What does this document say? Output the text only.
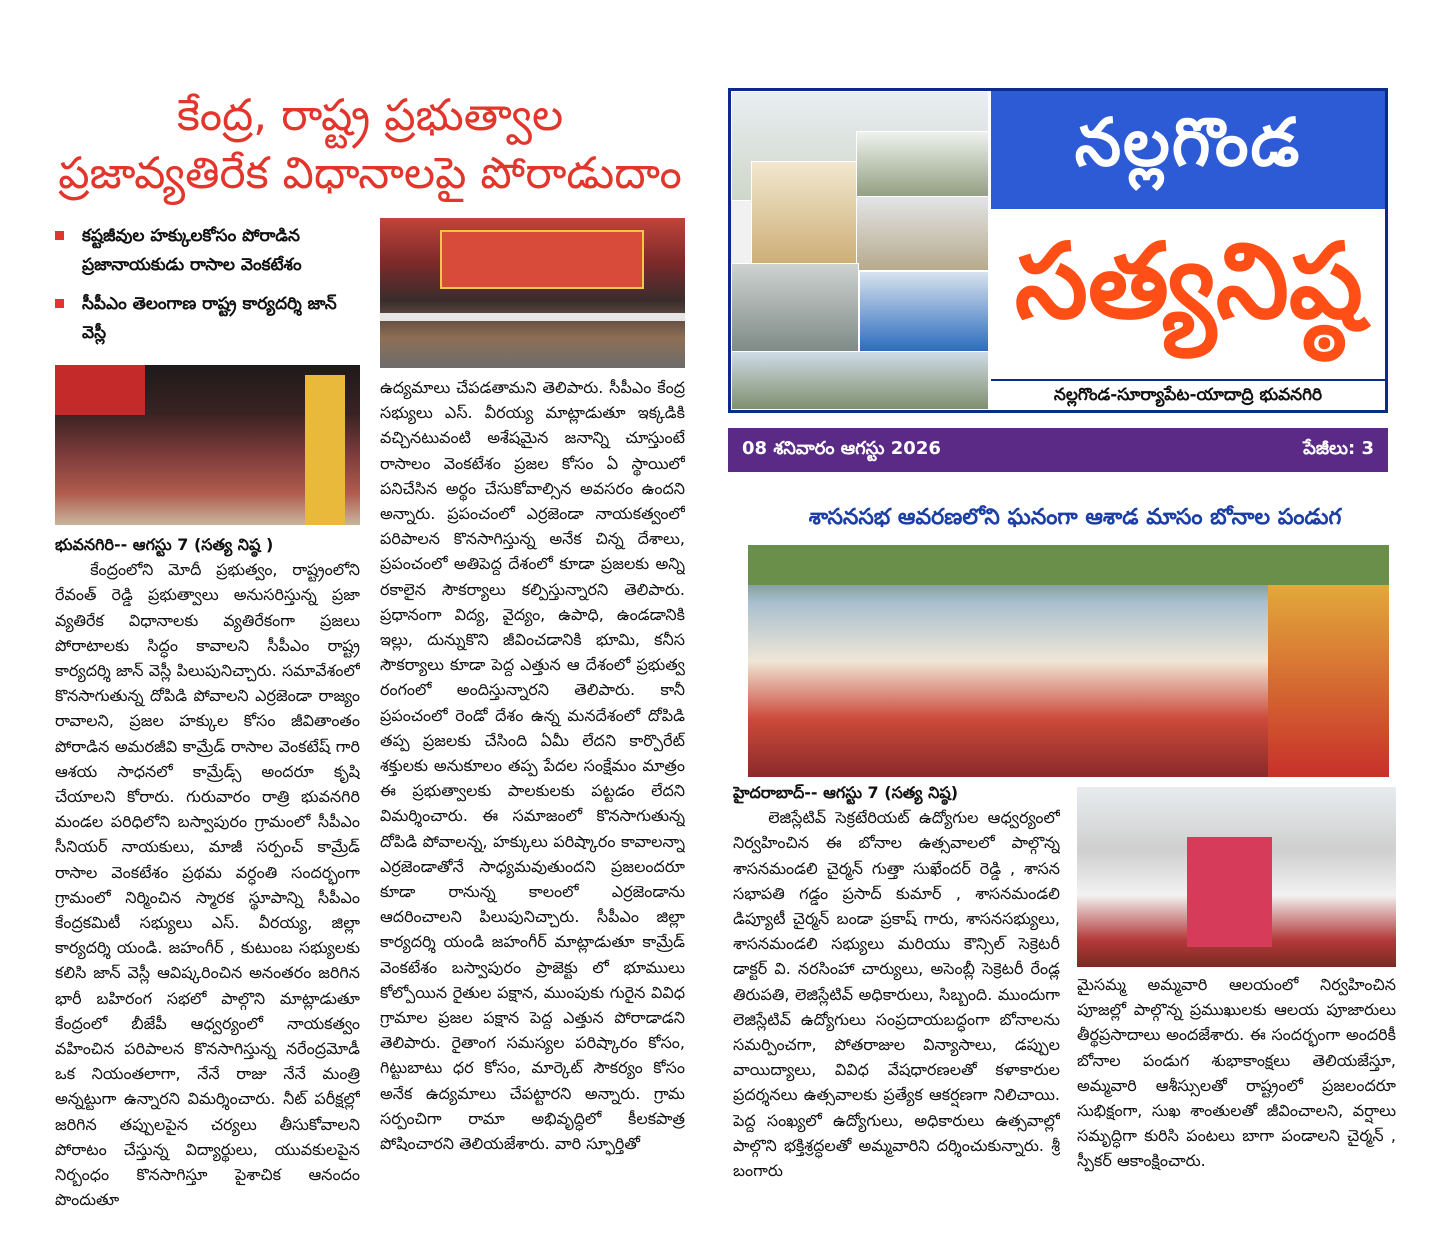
కేంద్ర, రాష్ట్ర ప్రభుత్వాల
ప్రజావ్యతిరేక విధానాలపై పోరాడుదాం
కష్టజీవుల హక్కులకోసం పోరాడిన ప్రజానాయకుడు రాసాల వెంకటేశం
సీపీఎం తెలంగాణ రాష్ట్ర కార్యదర్శి జాన్ వెస్లీ
భువనగిరి-- ఆగస్టు 7 (సత్య నిష్ఠ )

కేంద్రంలోని మోదీ ప్రభుత్వం, రాష్ట్రంలోని రేవంత్ రెడ్డి ప్రభుత్వాలు అనుసరిస్తున్న ప్రజా వ్యతిరేక విధానాలకు వ్యతిరేకంగా ప్రజలు పోరాటాలకు సిద్ధం కావాలని సీపీఎం రాష్ట్ర కార్యదర్శి జాన్ వెస్లీ పిలుపునిచ్చారు. సమావేశంలో కొనసాగుతున్న దోపిడి పోవాలని ఎర్రజెండా రాజ్యం రావాలని, ప్రజల హక్కుల కోసం జీవితాంతం పోరాడిన అమరజీవి కామ్రేడ్ రాసాల వెంకటేష్ గారి ఆశయ సాధనలో కామ్రేడ్స్ అందరూ కృషి చేయాలని కోరారు. గురువారం రాత్రి భువనగిరి మండల పరిధిలోని బస్వాపురం గ్రామంలో సీపీఎం సీనియర్ నాయకులు, మాజీ సర్పంచ్ కామ్రేడ్ రాసాల వెంకటేశం ప్రథమ వర్ధంతి సందర్భంగా గ్రామంలో నిర్మించిన స్మారక స్థూపాన్ని సీపీఎం కేంద్రకమిటీ సభ్యులు ఎస్. వీరయ్య, జిల్లా కార్యదర్శి యండి. జహంగీర్ , కుటుంబ సభ్యులకు కలిసి జాన్ వెస్లీ ఆవిష్కరించిన అనంతరం జరిగిన భారీ బహిరంగ సభలో పాల్గొని మాట్లాడుతూ కేంద్రంలో బీజేపీ ఆధ్వర్యంలో నాయకత్వం వహించిన పరిపాలన కొనసాగిస్తున్న నరేంద్రమోడీ ఒక నియంతలాగా, నేనే రాజు నేనే మంత్రి అన్నట్టుగా ఉన్నారని విమర్శించారు. నీట్ పరీక్షల్లో జరిగిన తప్పులపైన చర్యలు తీసుకోవాలని పోరాటం చేస్తున్న విద్యార్థులు, యువకులపైన నిర్బంధం కొనసాగిస్తూ పైశాచిక ఆనందం పొందుతూ

ఉద్యమాలు చేపడతామని తెలిపారు. సీపీఎం కేంద్ర సభ్యులు ఎస్. వీరయ్య మాట్లాడుతూ ఇక్కడికి వచ్చినటువంటి అశేషమైన జనాన్ని చూస్తుంటే రాసాలం వెంకటేశం ప్రజల కోసం ఏ స్థాయిలో పనిచేసిన అర్థం చేసుకోవాల్సిన అవసరం ఉందని అన్నారు. ప్రపంచంలో ఎర్రజెండా నాయకత్వంలో పరిపాలన కొనసాగిస్తున్న అనేక చిన్న దేశాలు, ప్రపంచంలో అతిపెద్ద దేశంలో కూడా ప్రజలకు అన్ని రకాలైన సౌకర్యాలు కల్పిస్తున్నారని తెలిపారు. ప్రధానంగా విద్య, వైద్యం, ఉపాధి, ఉండడానికి ఇల్లు, దున్నుకొని జీవించడానికి భూమి, కనీస సౌకర్యాలు కూడా పెద్ద ఎత్తున ఆ దేశంలో ప్రభుత్వ రంగంలో అందిస్తున్నారని తెలిపారు. కానీ ప్రపంచంలో రెండో దేశం ఉన్న మనదేశంలో దోపిడి తప్ప ప్రజలకు చేసింది ఏమీ లేదని కార్పొరేట్ శక్తులకు అనుకూలం తప్ప పేదల సంక్షేమం మాత్రం ఈ ప్రభుత్వాలకు పాలకులకు పట్టడం లేదని విమర్శించారు. ఈ సమాజంలో కొనసాగుతున్న దోపిడి పోవాలన్న, హక్కులు పరిష్కారం కావాలన్నా ఎర్రజెండాతోనే సాధ్యమవుతుందని ప్రజలందరూ కూడా రానున్న కాలంలో ఎర్రజెండాను ఆదరించాలని పిలుపునిచ్చారు. సీపీఎం జిల్లా కార్యదర్శి యండి జహంగీర్ మాట్లాడుతూ కామ్రేడ్ వెంకటేశం బస్వాపురం ప్రాజెక్టు లో భూములు కోల్పోయిన రైతుల పక్షాన, ముంపుకు గురైన వివిధ గ్రామాల ప్రజల పక్షాన పెద్ద ఎత్తున పోరాడాడని తెలిపారు. రైతాంగ సమస్యల పరిష్కారం కోసం, గిట్టుబాటు ధర కోసం, మార్కెట్ సౌకర్యం కోసం అనేక ఉద్యమాలు చేపట్టారని అన్నారు. గ్రామ సర్పంచిగా రామా అభివృద్ధిలో కీలకపాత్ర పోషించారని తెలియజేశారు. వారి స్ఫూర్తితో

నల్లగొండ
సత్యనిష్ఠ
నల్లగొండ-సూర్యాపేట-యాదాద్రి భువనగిరి
08 శనివారం ఆగస్టు 2026	పేజీలు: 3
శాసనసభ ఆవరణలోని ఘనంగా ఆశాడ మాసం బోనాల పండుగ
హైదరాబాద్-- ఆగస్టు 7 (సత్య నిష్ఠ)

లెజిస్లేటివ్ సెక్రటేరియట్ ఉద్యోగుల ఆధ్వర్యంలో నిర్వహించిన ఈ బోనాల ఉత్సవాలలో పాల్గొన్న శాసనమండలి చైర్మన్ గుత్తా సుఖేందర్ రెడ్డి , శాసన సభాపతి గడ్డం ప్రసాద్ కుమార్ , శాసనమండలి డిప్యూటీ చైర్మన్ బండా ప్రకాష్ గారు, శాసనసభ్యులు, శాసనమండలి సభ్యులు మరియు కౌన్సిల్ సెక్రెటరీ డాక్టర్ వి. నరసింహా చార్యులు, అసెంబ్లీ సెక్రెటరీ రేండ్ల తిరుపతి, లెజిస్లేటివ్ అధికారులు, సిబ్బంది. ముందుగా లెజిస్లేటివ్ ఉద్యోగులు సంప్రదాయబద్ధంగా బోనాలను సమర్పించగా, పోతరాజుల విన్యాసాలు, డప్పుల వాయిద్యాలు, వివిధ వేషధారణలతో కళాకారుల ప్రదర్శనలు ఉత్సవాలకు ప్రత్యేక ఆకర్షణగా నిలిచాయి. పెద్ద సంఖ్యలో ఉద్యోగులు, అధికారులు ఉత్సవాల్లో పాల్గొని భక్తిశ్రద్ధలతో అమ్మవారిని దర్శించుకున్నారు. శ్రీ బంగారు

మైసమ్మ అమ్మవారి ఆలయంలో నిర్వహించిన పూజల్లో పాల్గొన్న ప్రముఖులకు ఆలయ పూజారులు తీర్థప్రసాదాలు అందజేశారు. ఈ సందర్భంగా అందరికీ బోనాల పండుగ శుభాకాంక్షలు తెలియజేస్తూ, అమ్మవారి ఆశీస్సులతో రాష్ట్రంలో ప్రజలందరూ సుభిక్షంగా, సుఖ శాంతులతో జీవించాలని, వర్షాలు సమృద్ధిగా కురిసి పంటలు బాగా పండాలని చైర్మన్ , స్పీకర్ ఆకాంక్షించారు.
